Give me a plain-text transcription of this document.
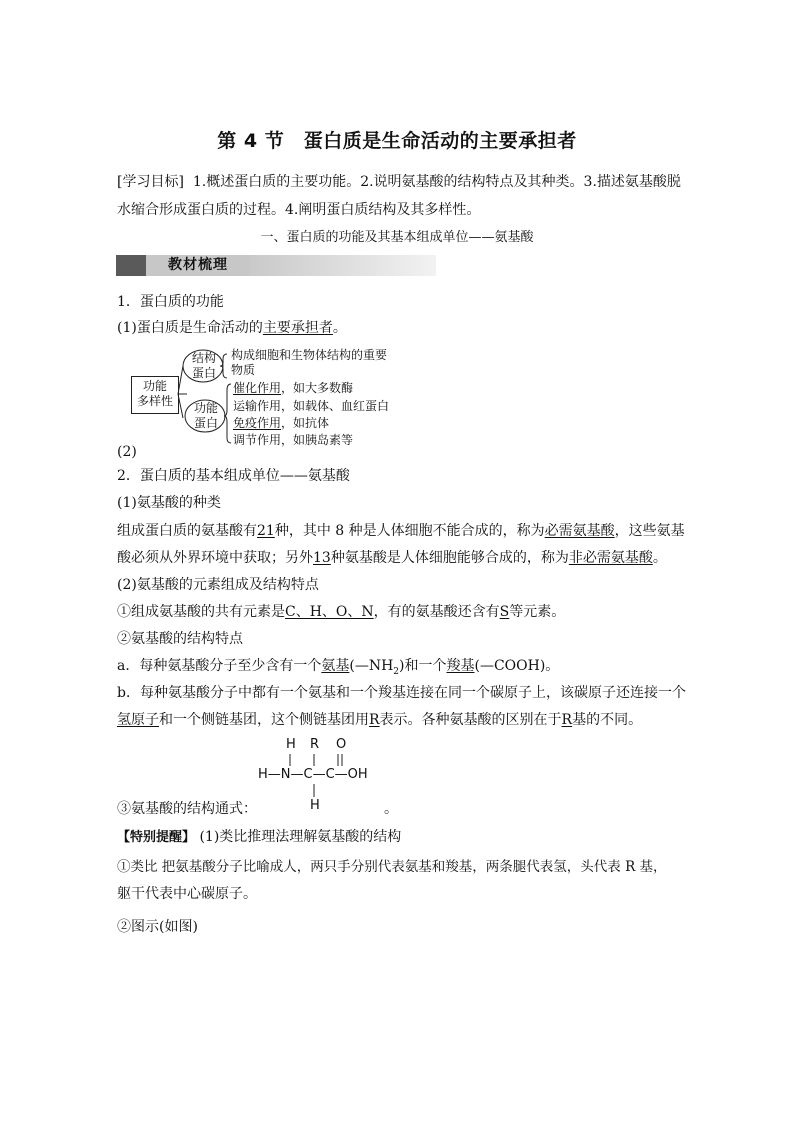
第 4 节　蛋白质是生命活动的主要承担者
[学习目标] 1.概述蛋白质的主要功能。2.说明氨基酸的结构特点及其种类。3.描述氨基酸脱
水缩合形成蛋白质的过程。4.阐明蛋白质结构及其多样性。
一、蛋白质的功能及其基本组成单位——氨基酸
教材梳理
1．蛋白质的功能
(1)蛋白质是生命活动的主要承担者。
功能
多样性
结构
蛋白
功能
蛋白
构成细胞和生物体结构的重要
物质
催化作用，如大多数酶
运输作用，如载体、血红蛋白
免疫作用，如抗体
调节作用，如胰岛素等
(2)
2．蛋白质的基本组成单位——氨基酸
(1)氨基酸的种类
组成蛋白质的氨基酸有21种，其中 8 种是人体细胞不能合成的，称为必需氨基酸，这些氨基
酸必须从外界环境中获取；另外13种氨基酸是人体细胞能够合成的，称为非必需氨基酸。
(2)氨基酸的元素组成及结构特点
①组成氨基酸的共有元素是C、H、O、N，有的氨基酸还含有S等元素。
②氨基酸的结构特点
a．每种氨基酸分子至少含有一个氨基$(—NH_2)$和一个羧基(—COOH)。
b．每种氨基酸分子中都有一个氨基和一个羧基连接在同一个碳原子上，该碳原子还连接一个
氢原子和一个侧链基团，这个侧链基团用R表示。各种氨基酸的区别在于R基的不同。
H R O
H—N—C—C—OH
H
③氨基酸的结构通式：	。
【特别提醒】 (1)类比推理法理解氨基酸的结构
①类比 把氨基酸分子比喻成人，两只手分别代表氨基和羧基，两条腿代表氢，头代表 R 基，
躯干代表中心碳原子。
②图示(如图)
